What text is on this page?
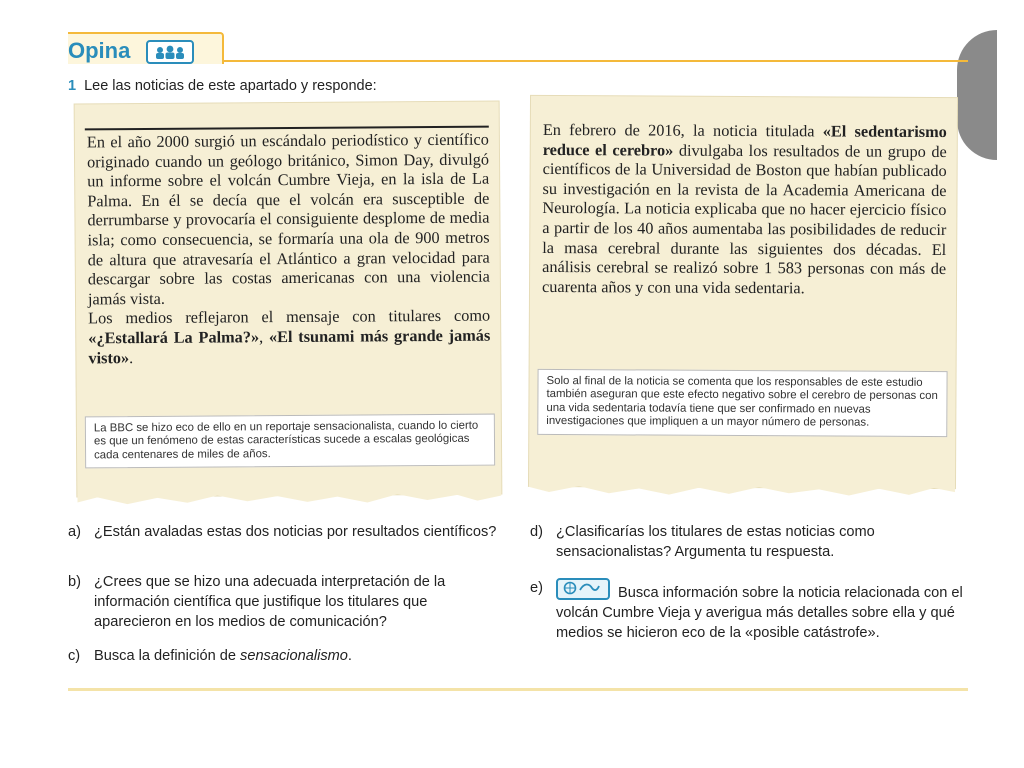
Opina
1 Lee las noticias de este apartado y responde:

En el año 2000 surgió un escándalo periodístico y científico originado cuando un geólogo británico, Simon Day, divulgó un informe sobre el volcán Cumbre Vieja, en la isla de La Palma. En él se decía que el volcán era susceptible de derrumbarse y provocaría el consiguiente desplome de media isla; como consecuencia, se formaría una ola de 900 metros de altura que atravesaría el Atlántico a gran velocidad para descargar sobre las costas americanas con una violencia jamás vista.

Los medios reflejaron el mensaje con titulares como «¿Estallará La Palma?», «El tsunami más grande jamás visto».

La BBC se hizo eco de ello en un reportaje sensacionalista, cuando lo cierto es que un fenómeno de estas características sucede a escalas geológicas cada centenares de miles de años.

En febrero de 2016, la noticia titulada «El sedentarismo reduce el cerebro» divulgaba los resultados de un grupo de científicos de la Universidad de Boston que habían publicado su investigación en la revista de la Academia Americana de Neurología. La noticia explicaba que no hacer ejercicio físico a partir de los 40 años aumentaba las posibilidades de reducir la masa cerebral durante las siguientes dos décadas. El análisis cerebral se realizó sobre 1 583 personas con más de cuarenta años y con una vida sedentaria.

Solo al final de la noticia se comenta que los responsables de este estudio también aseguran que este efecto negativo sobre el cerebro de personas con una vida sedentaria todavía tiene que ser confirmado en nuevas investigaciones que impliquen a un mayor número de personas.
a) ¿Están avaladas estas dos noticias por resultados científicos?
b) ¿Crees que se hizo una adecuada interpretación de la información científica que justifique los titulares que aparecieron en los medios de comunicación?
c) Busca la definición de sensacionalismo.
d) ¿Clasificarías los titulares de estas noticias como sensacionalistas? Argumenta tu respuesta.
e)	Busca información sobre la noticia relacionada con el volcán Cumbre Vieja y averigua más detalles sobre ella y qué medios se hicieron eco de la «posible catástrofe».
